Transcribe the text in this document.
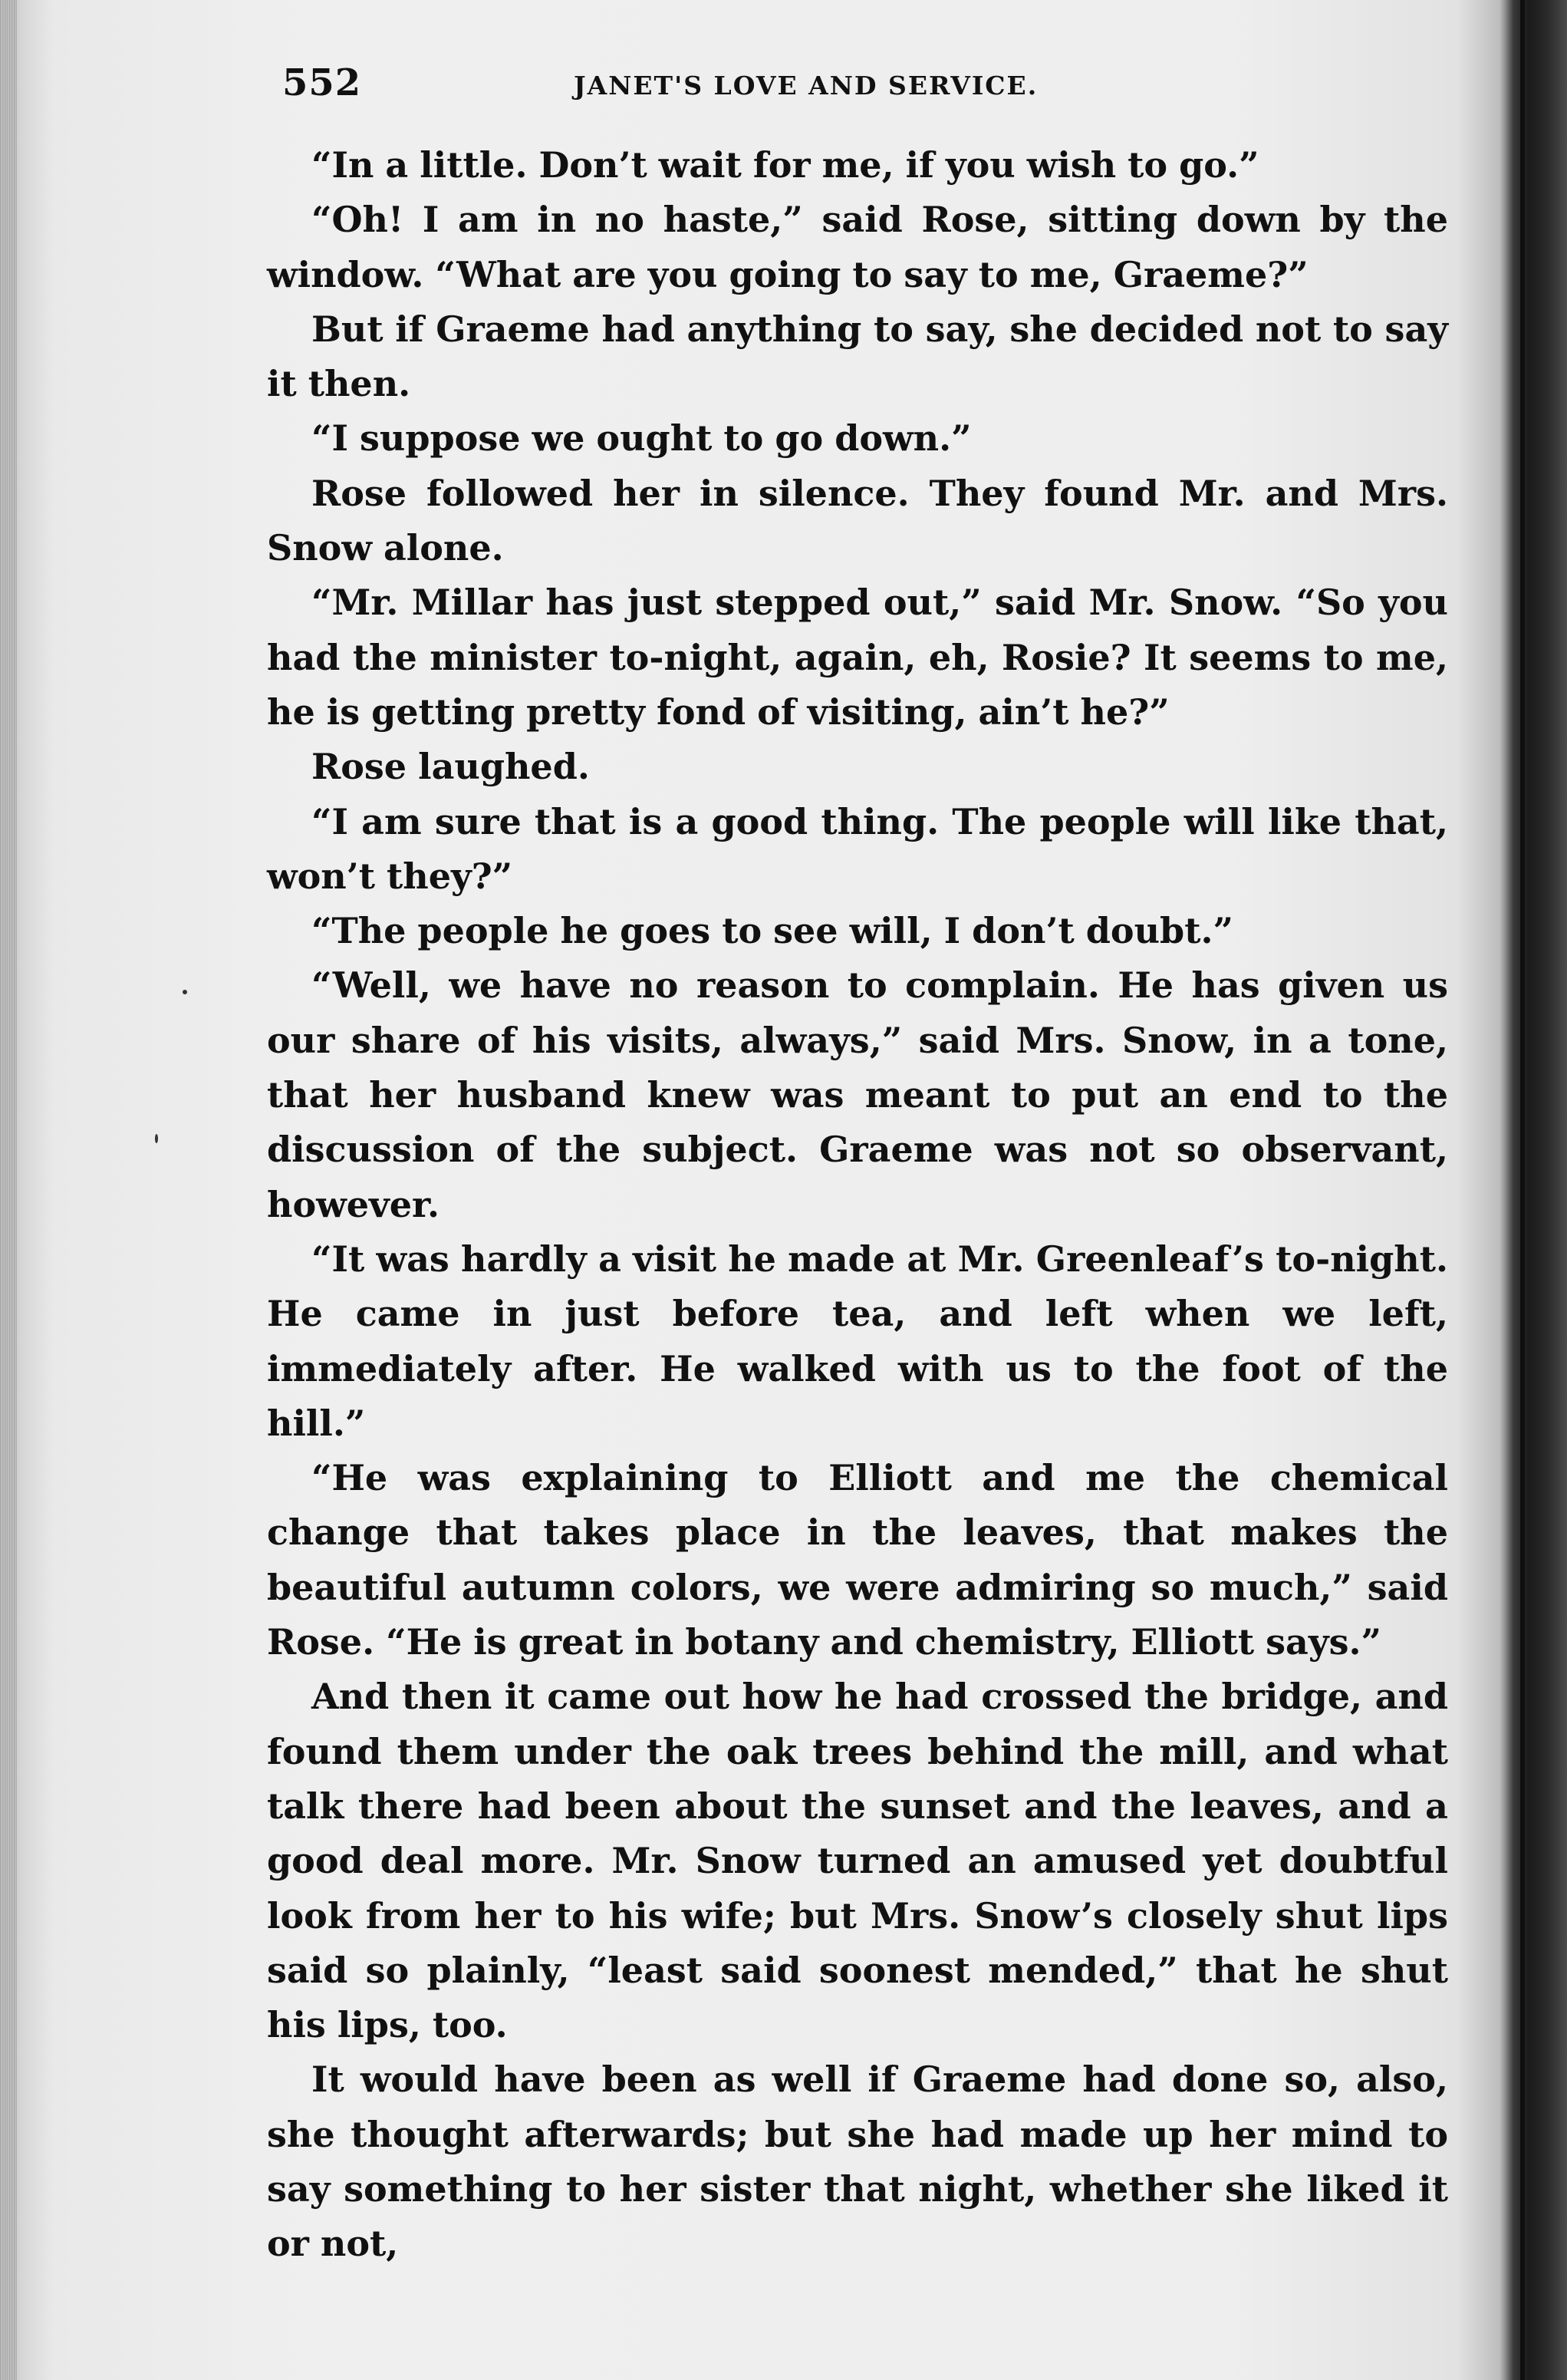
552	JANET'S LOVE AND SERVICE.

“In a little. Don’t wait for me, if you wish to go.”

“Oh! I am in no haste,” said Rose, sitting down by the window. “What are you going to say to me, Graeme?”

But if Graeme had anything to say, she decided not to say it then.

“I suppose we ought to go down.”

Rose followed her in silence. They found Mr. and Mrs. Snow alone.

“Mr. Millar has just stepped out,” said Mr. Snow. “So you had the minister to-night, again, eh, Rosie? It seems to me, he is getting pretty fond of visiting, ain’t he?”

Rose laughed.

“I am sure that is a good thing. The people will like that, won’t they?”

“The people he goes to see will, I don’t doubt.”

“Well, we have no reason to complain. He has given us our share of his visits, always,” said Mrs. Snow, in a tone, that her husband knew was meant to put an end to the discussion of the subject. Graeme was not so observant, however.

“It was hardly a visit he made at Mr. Greenleaf’s to-night. He came in just before tea, and left when we left, immediately after. He walked with us to the foot of the hill.”

“He was explaining to Elliott and me the chemical change that takes place in the leaves, that makes the beautiful autumn colors, we were admiring so much,” said Rose. “He is great in botany and chemistry, Elliott says.”

And then it came out how he had crossed the bridge, and found them under the oak trees behind the mill, and what talk there had been about the sunset and the leaves, and a good deal more. Mr. Snow turned an amused yet doubtful look from her to his wife; but Mrs. Snow’s closely shut lips said so plainly, “least said soonest mended,” that he shut his lips, too.

It would have been as well if Graeme had done so, also, she thought afterwards; but she had made up her mind to say something to her sister that night, whether she liked it or not,
